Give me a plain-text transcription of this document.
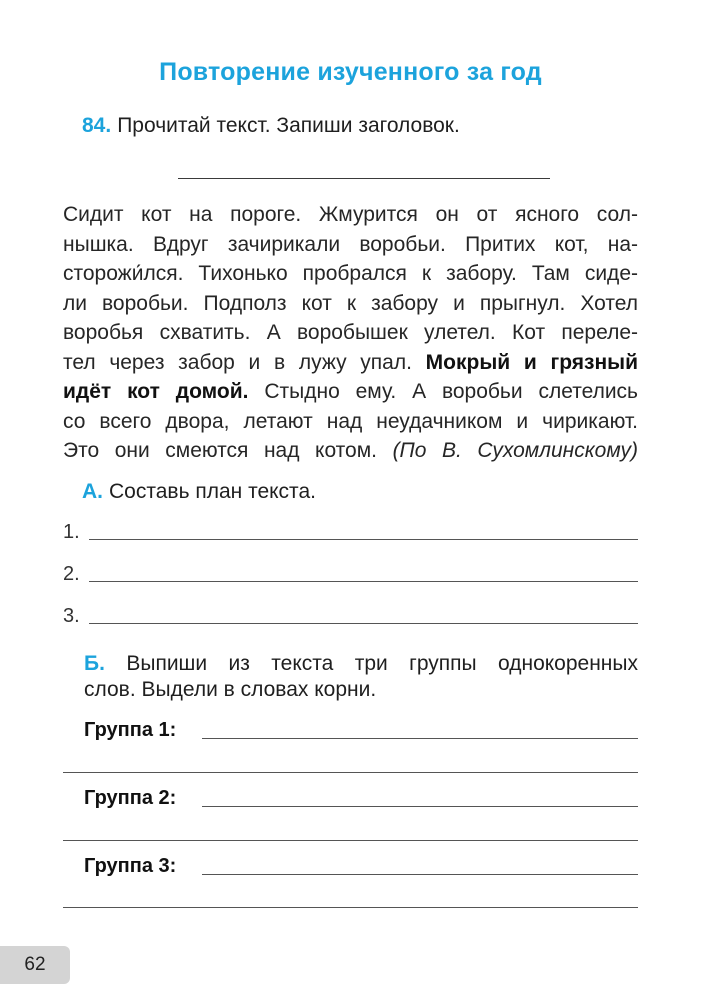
Повторение изученного за год
84. Прочитай текст. Запиши заголовок.
Сидит кот на пороге. Жмурится он от ясного сол-
нышка. Вдруг зачирикали воробьи. Притих кот, на-
сторожи́лся. Тихонько пробрался к забору. Там сиде-
ли воробьи. Подполз кот к забору и прыгнул. Хотел
воробья схватить. А воробышек улетел. Кот переле-
тел через забор и в лужу упал. Мокрый и грязный
идёт кот домой. Стыдно ему. А воробьи слетелись
со всего двора, летают над неудачником и чирикают.
Это они смеются над котом. (По В. Сухомлинскому)
А. Составь план текста.
1.
2.
3.
Б. Выпиши из текста три группы однокоренных
слов. Выдели в словах корни.
Группа 1:
Группа 2:
Группа 3:
62
